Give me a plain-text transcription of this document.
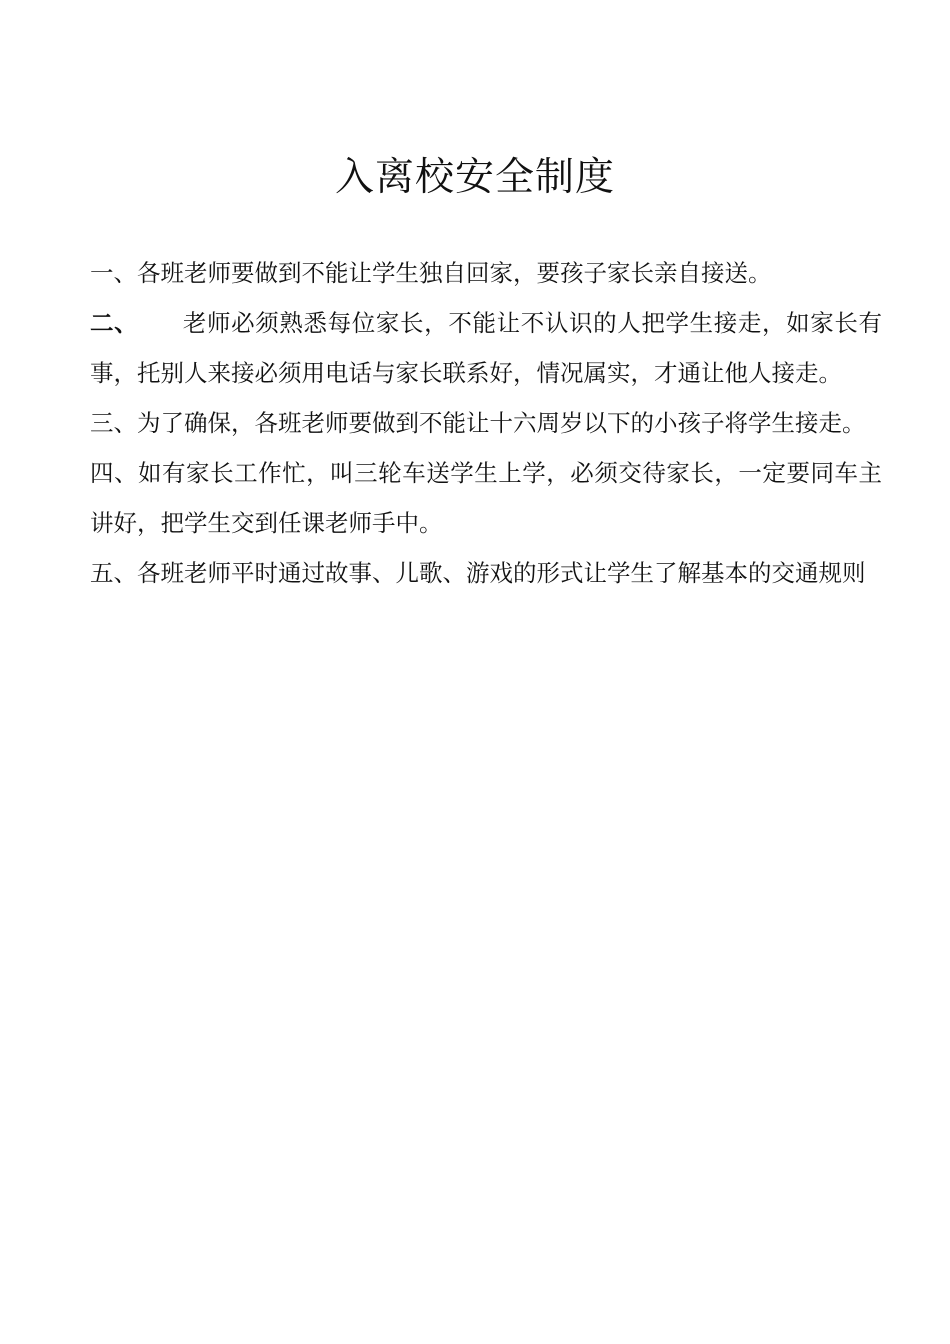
入离校安全制度

一、各班老师要做到不能让学生独自回家，要孩子家长亲自接送。

二、 老师必须熟悉每位家长，不能让不认识的人把学生接走，如家长有事，托别人来接必须用电话与家长联系好，情况属实，才通让他人接走。

三、为了确保，各班老师要做到不能让十六周岁以下的小孩子将学生接走。

四、如有家长工作忙，叫三轮车送学生上学，必须交待家长，一定要同车主讲好，把学生交到任课老师手中。

五、各班老师平时通过故事、儿歌、游戏的形式让学生了解基本的交通规则
